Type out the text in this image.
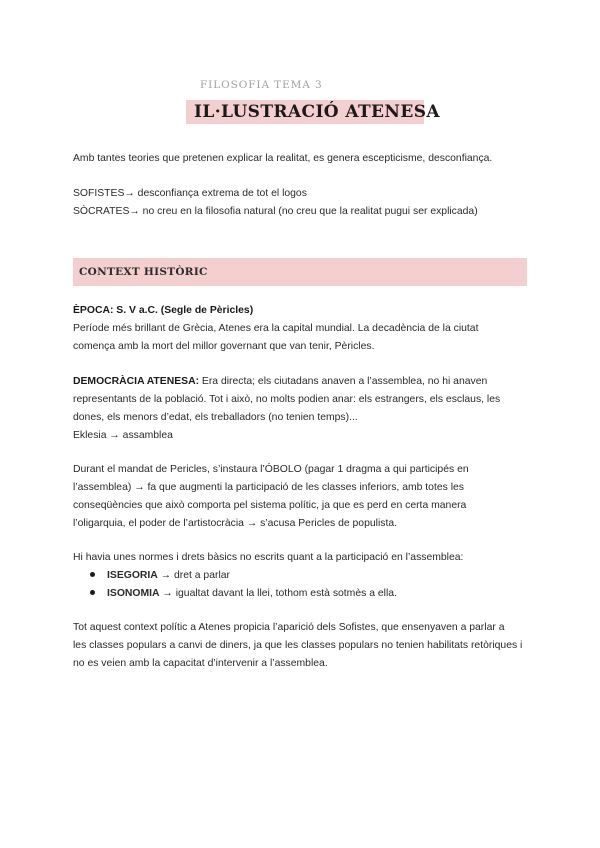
FILOSOFIA TEMA 3
IL·LUSTRACIÓ ATENESA
Amb tantes teories que pretenen explicar la realitat, es genera escepticisme, desconfiança.
SOFISTES→ desconfiança extrema de tot el logos
SÒCRATES→ no creu en la filosofia natural (no creu que la realitat pugui ser explicada)
CONTEXT HISTÒRIC
ÈPOCA: S. V a.C. (Segle de Pèricles)
Període més brillant de Grècia, Atenes era la capital mundial. La decadència de la ciutat
comença amb la mort del millor governant que van tenir, Pèricles.
DEMOCRÀCIA ATENESA: Era directa; els ciutadans anaven a l’assemblea, no hi anaven
representants de la població. Tot i això, no molts podien anar: els estrangers, els esclaus, les
dones, els menors d’edat, els treballadors (no tenien temps)...
Eklesia → assamblea
Durant el mandat de Pericles, s’instaura l’ÓBOLO (pagar 1 dragma a qui participés en
l’assemblea) → fa que augmenti la participació de les classes inferiors, amb totes les
conseqüències que això comporta pel sistema polític, ja que es perd en certa manera
l’oligarquia, el poder de l’artistocràcia → s’acusa Pericles de populista.
Hi havia unes normes i drets bàsics no escrits quant a la participació en l’assemblea:
ISEGORIA → dret a parlar
ISONOMIA → igualtat davant la llei, tothom està sotmès a ella.
Tot aquest context polític a Atenes propicia l’aparició dels Sofistes, que ensenyaven a parlar a
les classes populars a canvi de diners, ja que les classes populars no tenien habilitats retòriques i
no es veien amb la capacitat d’intervenir a l’assemblea.
